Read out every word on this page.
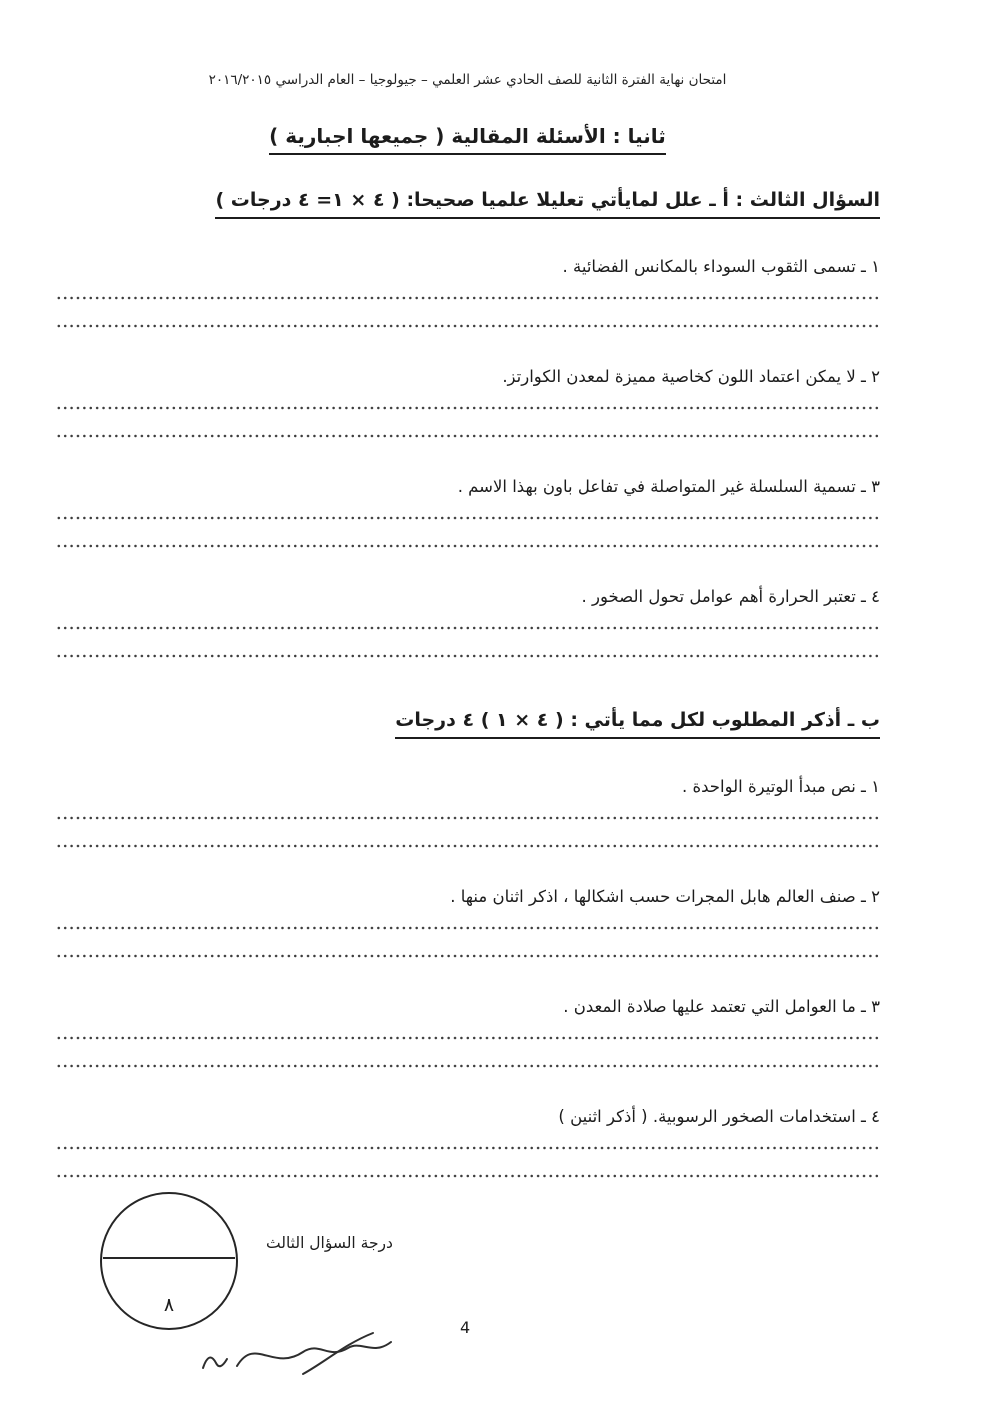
امتحان نهاية الفترة الثانية للصف الحادي عشر العلمي – جيولوجيا – العام الدراسي ٢٠١٦/٢٠١٥
ثانيا : الأسئلة المقالية ( جميعها اجبارية )
السؤال الثالث : أ ـ علل لمايأتي تعليلا علميا صحيحا: ( ٤ × ١= ٤ درجات )
١ ـ تسمى الثقوب السوداء بالمكانس الفضائية .
٢ ـ لا يمكن اعتماد اللون كخاصية مميزة لمعدن الكوارتز.
٣ ـ تسمية السلسلة غير المتواصلة في تفاعل باون بهذا الاسم .
٤ ـ تعتبر الحرارة أهم عوامل تحول الصخور .
ب ـ أذكر المطلوب لكل مما يأتي : ( ٤ × ١ ) ٤ درجات
١ ـ نص مبدأ الوتيرة الواحدة .
٢ ـ صنف العالم هابل المجرات حسب اشكالها ، اذكر اثنان منها .
٣ ـ ما العوامل التي تعتمد عليها صلادة المعدن .
٤ ـ استخدامات الصخور الرسوبية. ( أذكر اثنين )
٨
درجة السؤال الثالث
4
